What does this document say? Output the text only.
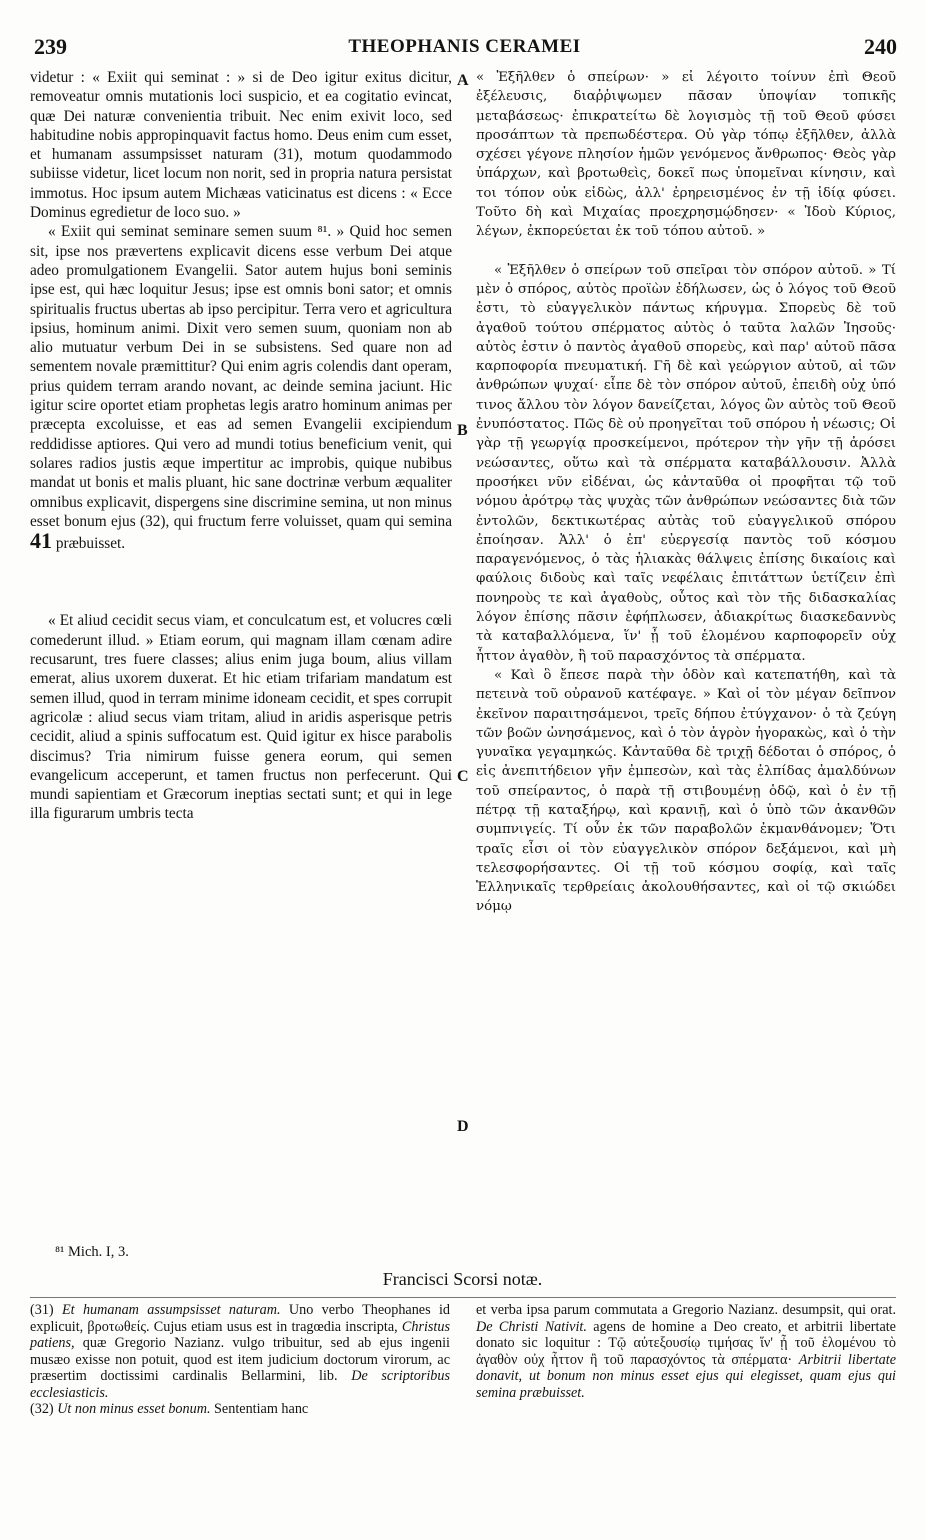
239	THEOPHANIS CERAMEI	240
A
B
C
D

videtur : « Exiit qui seminat : » si de Deo igitur exitus dicitur, removeatur omnis mutationis loci suspicio, et ea cogitatio evincat, quæ Dei naturæ convenientia tribuit. Nec enim exivit loco, sed habitudine nobis appropinquavit factus homo. Deus enim cum esset, et humanam assumpsisset naturam (31), motum quodammodo subiisse videtur, licet locum non norit, sed in propria natura persistat immotus. Hoc ipsum autem Michæas vaticinatus est dicens : « Ecce Dominus egredietur de loco suo. »

« Exiit qui seminat seminare semen suum ⁸¹. » Quid hoc semen sit, ipse nos prævertens explicavit dicens esse verbum Dei atque adeo promulgationem Evangelii. Sator autem hujus boni seminis ipse est, qui hæc loquitur Jesus; ipse est omnis boni sator; et omnis spiritualis fructus ubertas ab ipso percipitur. Terra vero et agricultura ipsius, hominum animi. Dixit vero semen suum, quoniam non ab alio mutuatur verbum Dei in se subsistens. Sed quare non ad sementem novale præmittitur? Qui enim agris colendis dant operam, prius quidem terram arando novant, ac deinde semina jaciunt. Hic igitur scire oportet etiam prophetas legis aratro hominum animas per præcepta excoluisse, et eas ad semen Evangelii excipiendum reddidisse aptiores. Qui vero ad mundi totius beneficium venit, qui solares radios justis æque impertitur ac improbis, quique nubibus mandat ut bonis et malis pluant, hic sane doctrinæ verbum æqualiter omnibus explicavit, dispergens sine discrimine semina, ut non minus esset bonum ejus (32), qui fructum ferre voluisset, quam qui semina 41 præbuisset.

« Et aliud cecidit secus viam, et conculcatum est, et volucres cœli comederunt illud. » Etiam eorum, qui magnam illam cœnam adire recusarunt, tres fuere classes; alius enim juga boum, alius villam emerat, alius uxorem duxerat. Et hic etiam trifariam mandatum est semen illud, quod in terram minime idoneam cecidit, et spes corrupit agricolæ : aliud secus viam tritam, aliud in aridis asperisque petris cecidit, aliud a spinis suffocatum est. Quid igitur ex hisce parabolis discimus? Tria nimirum fuisse genera eorum, qui semen evangelicum acceperunt, et tamen fructus non perfecerunt. Qui mundi sapientiam et Græcorum ineptias sectati sunt; et qui in lege illa figurarum umbris tecta

« Ἐξῆλθεν ὁ σπείρων· » εἰ λέγοιτο τοίνυν ἐπὶ Θεοῦ ἐξέλευσις, διαῤῥιψωμεν πᾶσαν ὑποψίαν τοπικῆς μεταβάσεως· ἐπικρατείτω δὲ λογισμὸς τῇ τοῦ Θεοῦ φύσει προσάπτων τὰ πρεπωδέστερα. Οὐ γὰρ τόπῳ ἐξῆλθεν, ἀλλὰ σχέσει γέγονε πλησίον ἡμῶν γενόμενος ἄνθρωπος· Θεὸς γὰρ ὑπάρχων, καὶ βροτωθεὶς, δοκεῖ πως ὑπομεῖναι κίνησιν, καὶ τοι τόπον οὐκ εἰδὼς, ἀλλ' ἐρηρεισμένος ἐν τῇ ἰδίᾳ φύσει. Τοῦτο δὴ καὶ Μιχαίας προεχρησμῴδησεν· « Ἰδοὺ Κύριος, λέγων, ἐκπορεύεται ἐκ τοῦ τόπου αὐτοῦ. »

« Ἐξῆλθεν ὁ σπείρων τοῦ σπεῖραι τὸν σπόρον αὐτοῦ. » Τί μὲν ὁ σπόρος, αὐτὸς προϊὼν ἐδήλωσεν, ὡς ὁ λόγος τοῦ Θεοῦ ἐστι, τὸ εὐαγγελικὸν πάντως κήρυγμα. Σπορεὺς δὲ τοῦ ἀγαθοῦ τούτου σπέρματος αὐτὸς ὁ ταῦτα λαλῶν Ἰησοῦς· αὐτὸς ἐστιν ὁ παντὸς ἀγαθοῦ σπορεὺς, καὶ παρ' αὐτοῦ πᾶσα καρποφορία πνευματική. Γῆ δὲ καὶ γεώργιον αὐτοῦ, αἱ τῶν ἀνθρώπων ψυχαί· εἶπε δὲ τὸν σπόρον αὐτοῦ, ἐπειδὴ οὐχ ὑπό τινος ἄλλου τὸν λόγον δανείζεται, λόγος ὢν αὐτὸς τοῦ Θεοῦ ἐνυπόστατος. Πῶς δὲ οὐ προηγεῖται τοῦ σπόρου ἡ νέωσις; Οἱ γὰρ τῇ γεωργίᾳ προσκείμενοι, πρότερον τὴν γῆν τῇ ἀρόσει νεώσαντες, οὕτω καὶ τὰ σπέρματα καταβάλλουσιν. Ἀλλὰ προσήκει νῦν εἰδέναι, ὡς κἀνταῦθα οἱ προφῆται τῷ τοῦ νόμου ἀρότρῳ τὰς ψυχὰς τῶν ἀνθρώπων νεώσαντες διὰ τῶν ἐντολῶν, δεκτικωτέρας αὐτὰς τοῦ εὐαγγελικοῦ σπόρου ἐποίησαν. Ἀλλ' ὁ ἐπ' εὐεργεσίᾳ παντὸς τοῦ κόσμου παραγενόμενος, ὁ τὰς ἡλιακὰς θάλψεις ἐπίσης δικαίοις καὶ φαύλοις διδοὺς καὶ ταῖς νεφέλαις ἐπιτάττων ὑετίζειν ἐπὶ πονηροὺς τε καὶ ἀγαθοὺς, οὗτος καὶ τὸν τῆς διδασκαλίας λόγον ἐπίσης πᾶσιν ἐφήπλωσεν, ἀδιακρίτως διασκεδαννὺς τὰ καταβαλλόμενα, ἵν' ᾖ τοῦ ἑλομένου καρποφορεῖν οὐχ ἧττον ἀγαθὸν, ἢ τοῦ παρασχόντος τὰ σπέρματα.

« Καὶ ὃ ἔπεσε παρὰ τὴν ὁδὸν καὶ κατεπατήθη, καὶ τὰ πετεινὰ τοῦ οὐρανοῦ κατέφαγε. » Καὶ οἱ τὸν μέγαν δεῖπνον ἐκεῖνον παραιτησάμενοι, τρεῖς δήπου ἐτύγχανον· ὁ τὰ ζεύγη τῶν βοῶν ὠνησάμενος, καὶ ὁ τὸν ἀγρὸν ἠγορακὼς, καὶ ὁ τὴν γυναῖκα γεγαμηκώς. Κἀνταῦθα δὲ τριχῇ δέδοται ὁ σπόρος, ὁ εἰς ἀνεπιτήδειον γῆν ἐμπεσὼν, καὶ τὰς ἐλπίδας ἀμαλδύνων τοῦ σπείραντος, ὁ παρὰ τῇ στιβουμένῃ ὁδῷ, καὶ ὁ ἐν τῇ πέτρᾳ τῇ καταξήρῳ, καὶ κρανιῇ, καὶ ὁ ὑπὸ τῶν ἀκανθῶν συμπνιγείς. Τί οὖν ἐκ τῶν παραβολῶν ἐκμανθάνομεν; Ὅτι τραῖς εἶσι οἱ τὸν εὐαγγελικὸν σπόρον δεξάμενοι, καὶ μὴ τελεσφορήσαντες. Οἱ τῇ τοῦ κόσμου σοφίᾳ, καὶ ταῖς Ἑλληνικαῖς τερθρείαις ἀκολουθήσαντες, καὶ οἱ τῷ σκιώδει νόμῳ

⁸¹ Mich. I, 3.
Francisci Scorsi notæ.

(31) Et humanam assumpsisset naturam. Uno verbo Theophanes id explicuit, βροτωθείς. Cujus etiam usus est in tragœdia inscripta, Christus patiens, quæ Gregorio Nazianz. vulgo tribuitur, sed ab ejus ingenii musæo exisse non potuit, quod est item judicium doctorum virorum, ac præsertim doctissimi cardinalis Bellarmini, lib. De scriptoribus ecclesiasticis.

(32) Ut non minus esset bonum. Sententiam hanc

et verba ipsa parum commutata a Gregorio Nazianz. desumpsit, qui orat. De Christi Nativit. agens de homine a Deo creato, et arbitrii libertate donato sic loquitur : Τῷ αὐτεξουσίῳ τιμήσας ἵν' ᾖ τοῦ ἑλομένου τὸ ἀγαθὸν οὐχ ἧττον ἢ τοῦ παρασχόντος τὰ σπέρματα· Arbitrii libertate donavit, ut bonum non minus esset ejus qui elegisset, quam ejus qui semina præbuisset.
